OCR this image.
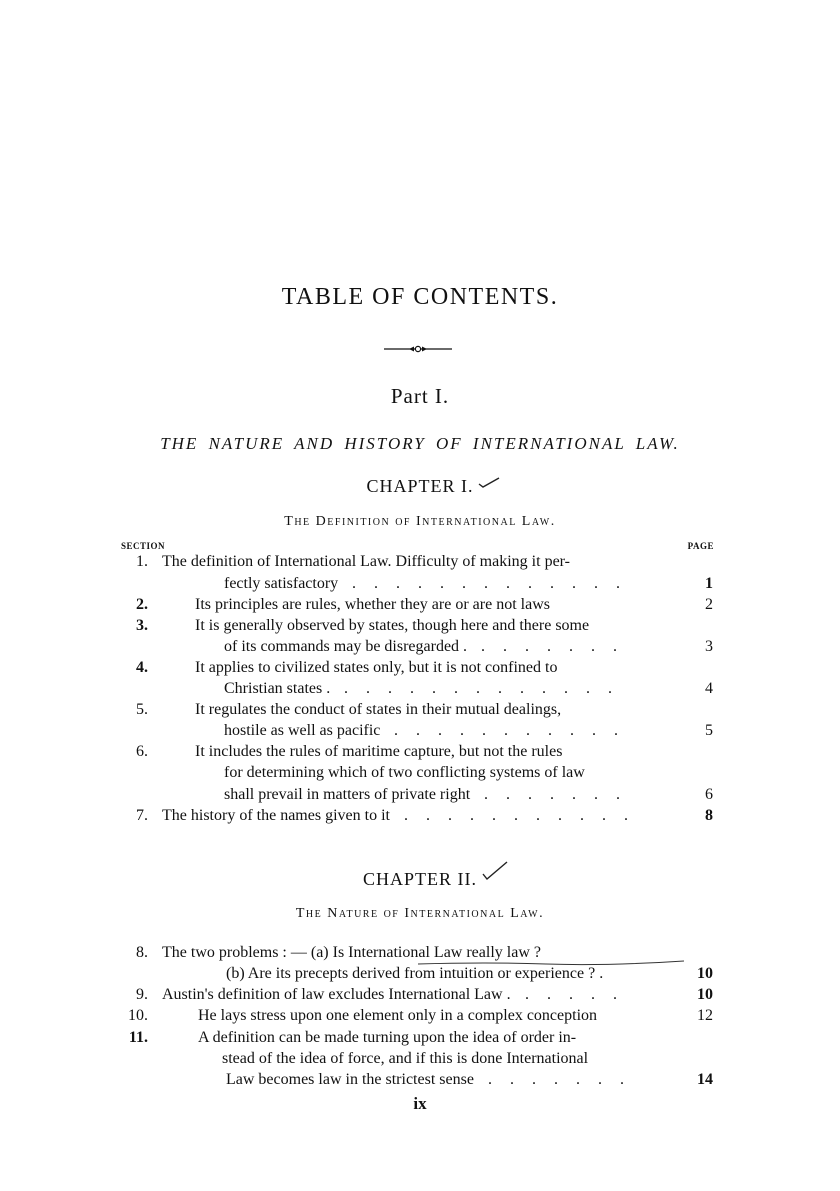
TABLE OF CONTENTS.
Part I.
THE NATURE AND HISTORY OF INTERNATIONAL LAW.
CHAPTER I.
The Definition of International Law.
SECTION	PAGE
1. The definition of International Law. Difficulty of making it per-
fectly satisfactory .............	1
2.	Its principles are rules, whether they are or are not laws	2
3.	It is generally observed by states, though here and there some
of its commands may be disregarded . .......	3
4.	It applies to civilized states only, but it is not confined to
Christian states . .............	4
5.	It regulates the conduct of states in their mutual dealings,
hostile as well as pacific ...........	5
6.	It includes the rules of maritime capture, but not the rules
for determining which of two conflicting systems of law
shall prevail in matters of private right .......	6
7. The history of the names given to it ...........	8
CHAPTER II.
The Nature of International Law.
8. The two problems : — (a) Is International Law really law ?
(b) Are its precepts derived from intuition or experience ? .	10
9. Austin's definition of law excludes International Law . .....	10
10.	He lays stress upon one element only in a complex conception	12
11.	A definition can be made turning upon the idea of order in-
stead of the idea of force, and if this is done International
Law becomes law in the strictest sense .......	14
ix
